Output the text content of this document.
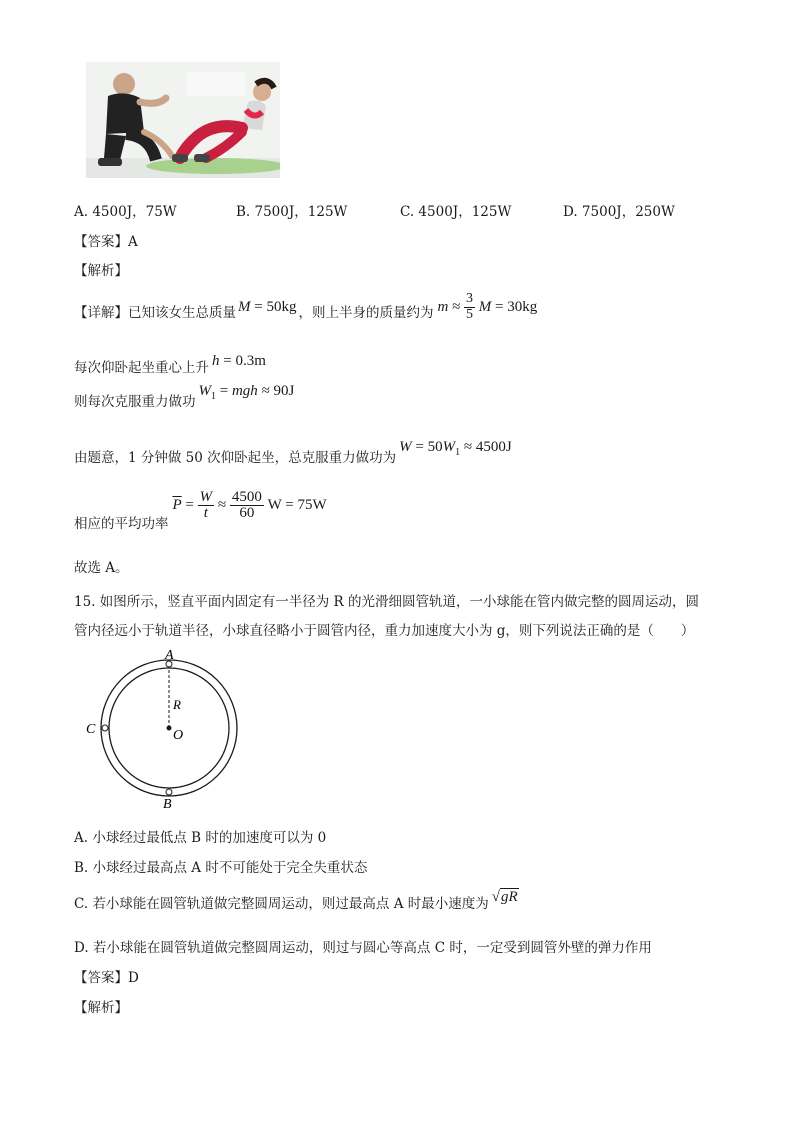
A. 4500J，75W	B. 7500J，125W	C. 4500J，125W	D. 7500J，250W
【答案】A
【解析】
【详解】已知该女生总质量 M = 50kg ，则上半身的质量约为 $m \approx \frac{3}{5}$
M = 30kg
每次仰卧起坐重心上升 h = 0.3m
则每次克服重力做功
$W_1$ = mgh ≈ 90J
由题意，1 分钟做 50 次仰卧起坐，总克服重力做功为
$W = 50W_1 \approx 4500J$
相应的平均功率
$\overline{P} = \frac{W}{t} \approx \frac{4500}{60}$ W = 75W
故选 A。
15. 如图所示，竖直平面内固定有一半径为 R 的光滑细圆管轨道，一小球能在管内做完整的圆周运动，圆
管内径远小于轨道半径，小球直径略小于圆管内径，重力加速度大小为 g，则下列说法正确的是（　　）
A
B
C	O
R
A. 小球经过最低点 B 时的加速度可以为 0
B. 小球经过最高点 A 时不可能处于完全失重状态
C. 若小球能在圆管轨道做完整圆周运动，则过最高点 A 时最小速度为 √gR
D. 若小球能在圆管轨道做完整圆周运动，则过与圆心等高点 C 时，一定受到圆管外壁的弹力作用
【答案】D
【解析】
